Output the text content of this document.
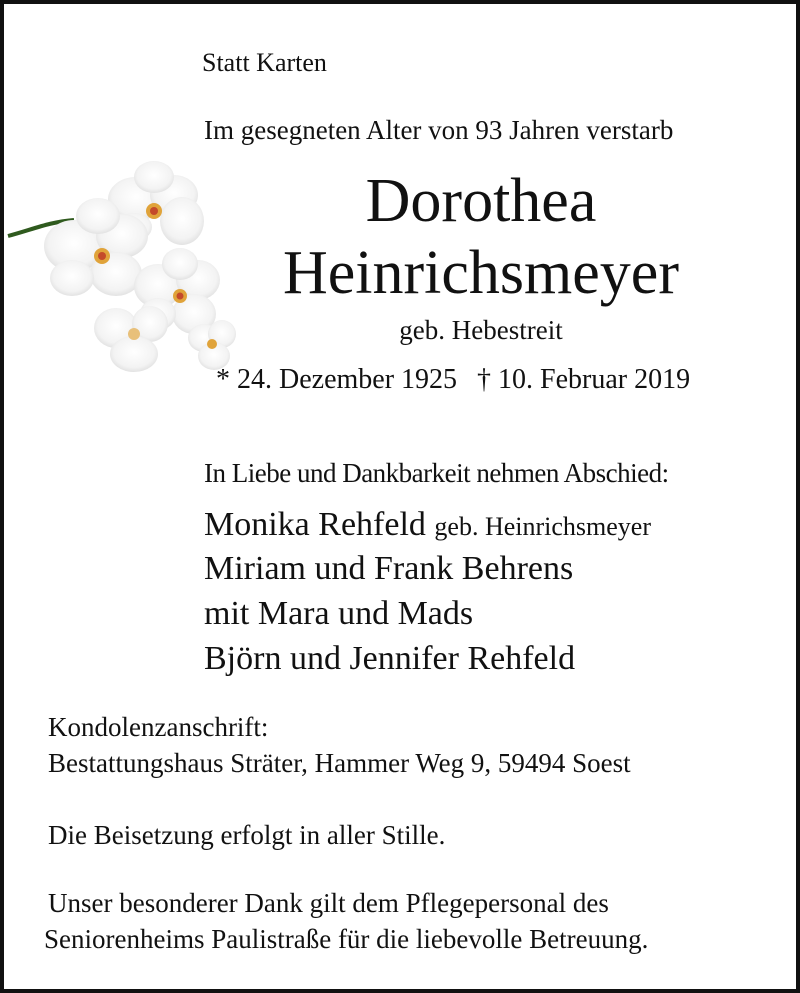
Statt Karten

Im gesegneten Alter von 93 Jahren verstarb

Dorothea

Heinrichsmeyer

geb. Hebestreit

* 24. Dezember 1925 † 10. Februar 2019

In Liebe und Dankbarkeit nehmen Abschied:

Monika Rehfeld geb. Heinrichsmeyer

Miriam und Frank Behrens

mit Mara und Mads

Björn und Jennifer Rehfeld

Kondolenzanschrift:

Bestattungshaus Sträter, Hammer Weg 9, 59494 Soest

Die Beisetzung erfolgt in aller Stille.

Unser besonderer Dank gilt dem Pflegepersonal des

Seniorenheims Paulistraße für die liebevolle Betreuung.
